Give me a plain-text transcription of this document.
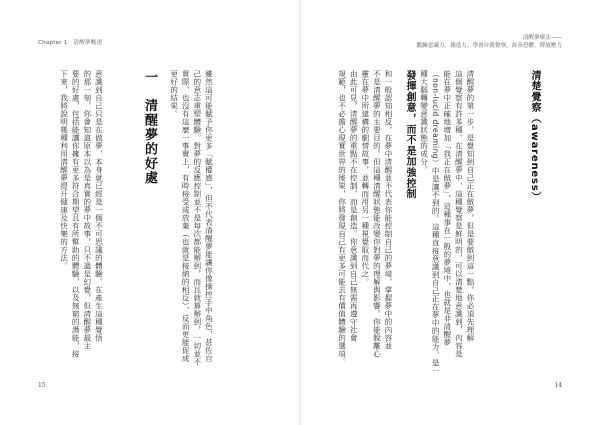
Chapter 1　清醒夢概述
清醒夢療法——
鍛鍊意識力、創造力、學會自我覺察，改善恐懼、釋放壓力
清楚覺察（awareness）
清醒夢的第一步，是覺知到自己正在做夢，但是要做到這一點，你必須先理解
這個覺察有許多種。在清醒夢中，這種覺察是鮮明的，可以清楚地意識到，內容是
能在夢中正確地增加「我正在做夢」，這種事在一般的夢境中，也就是非清醒夢
（non-lucid dreaming）中是讓不到的。這種直接意識到自己正在夢中的能力，是一
種大腦轉變意識狀態的成分。
發揮創意，而不是加強控制
和一般認知相反，在夢中清醒並不代表你能控制自己的夢境，掌握夢中的內容並
不是清醒夢的主要目的。但這種清醒狀態能改變你對夢的理解與影響。你能脫離心
靈在夢中所建構的劇情故事，並轉而用另一種視覺取而代之。
由此可見，清醒夢的重點不在控制，而是創造。你意識到自己無需再遵守社會
規範，也不必擔心現實世界的後果，你將發現自己有更多可能去有價值體驗的選項。
雖然這可能賦予你更多「賦權感」，但不代表清醒夢能讓你像操控手中角色，甚佐自
己的意志重塑體驗。對夢的反應控制並不是每次都能辦到，而且就算辦到，一切並不
實際，也沒有這麼一事實上，有時接受或放棄（也就是接納的相反），反而更能促成
更好的結果。
一　清醒夢的好處
意識到自己只是在做夢，本身就已經是一個不可思議的體驗。在產生這種覺悟
的那一刻，你會知道原本以為是真實的夢中故事，只不過是幻覺，但清醒夢最主
要的好處，包括能讓你擁有更多符合期望且有所幫助的體驗，以及無窮的潛能，接
下來，我將說明幾種利用清醒夢提升健康及快樂的方法。
15	14
